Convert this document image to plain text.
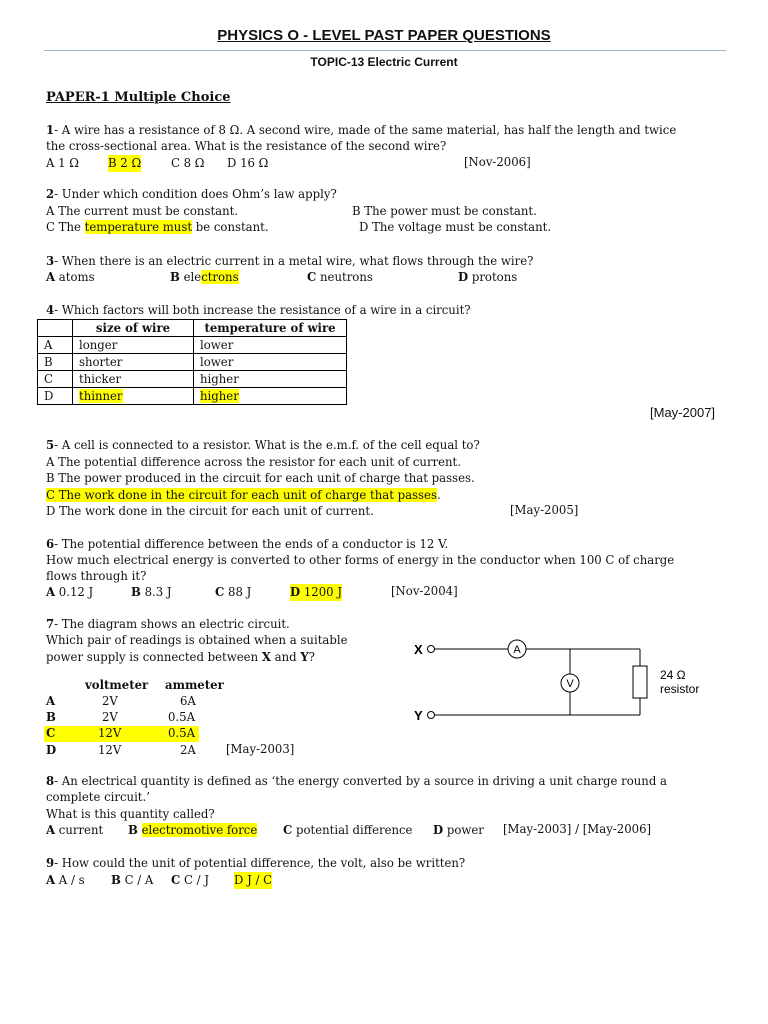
PHYSICS O - LEVEL PAST PAPER QUESTIONS
TOPIC-13 Electric Current
PAPER-1 Multiple Choice
1- A wire has a resistance of 8 Ω. A second wire, made of the same material, has half the length and twice
the cross-sectional area. What is the resistance of the second wire?
A 1 Ω B 2 Ω	C 8 Ω D 16 Ω	[Nov-2006]
2- Under which condition does Ohm’s law apply?
A The current must be constant.	B The power must be constant.
C The temperature must be constant.	D The voltage must be constant.
3- When there is an electric current in a metal wire, what flows through the wire?
A atoms	B electrons	C neutrons	D protons
4- Which factors will both increase the resistance of a wire in a circuit?
	size of wire	temperature of wire
A	longer	lower
B	shorter	lower
C	thicker	higher
D	thinner	higher
[May-2007]
5- A cell is connected to a resistor. What is the e.m.f. of the cell equal to?
A The potential difference across the resistor for each unit of current.
B The power produced in the circuit for each unit of charge that passes.
C The work done in the circuit for each unit of charge that passes.
D The work done in the circuit for each unit of current.	[May-2005]
6- The potential difference between the ends of a conductor is 12 V.
How much electrical energy is converted to other forms of energy in the conductor when 100 C of charge
flows through it?
A 0.12 J	B 8.3 J	C 88 J	D 1200 J	[Nov-2004]
7- The diagram shows an electric circuit.
Which pair of readings is obtained when a suitable
power supply is connected between X and Y?
voltmeter ammeter
A	2V	6A
B	2V	0.5A
C	12V	0.5A
D	12V	2A	[May-2003]
X
Y
A
V
24 Ω
resistor
8- An electrical quantity is defined as ‘the energy converted by a source in driving a unit charge round a
complete circuit.’
What is this quantity called?
A current B electromotive force C potential difference D power [May-2003] / [May-2006]
9- How could the unit of potential difference, the volt, also be written?
A A / s B C / A C C / J D J / C
